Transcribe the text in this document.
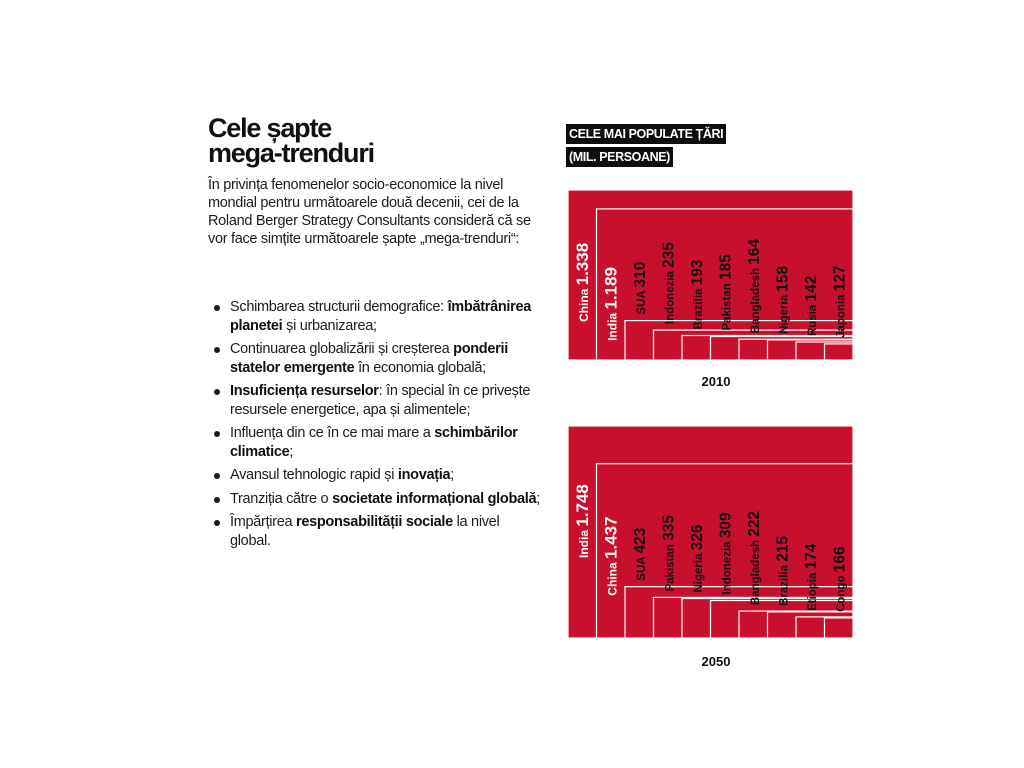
Cele șapte
mega-trenduri

În privința fenomenelor socio-economice la nivel mondial pentru următoarele două decenii, cei de la Roland Berger Strategy Consultants consideră că se vor face simțite următoarele șapte „mega-trenduri“:

Schimbarea structurii demografice: îmbătrânirea planetei și urbanizarea;
Continuarea globalizării și creșterea ponderii statelor emergente în economia globală;
Insuficiența resurselor: în special în ce privește resursele energetice, apa și alimentele;
Influența din ce în ce mai mare a schimbărilor climatice;
Avansul tehnologic rapid și inovația;
Tranziția către o societate informațional globală;
Împărțirea responsabilității sociale la nivel global.
CELE MAI POPULATE ȚĂRI
(MIL. PERSOANE)
China 1.338
India 1.189	SUA 310	Indonezia 235
Brazilia 193
Pakistan 185	Bangladesh 164
Nigeria 158
Rusia 142
Japonia 127
2010
India 1.748
China 1.437
SUA 423
Pakistan 335
Nigeria 326
Indonezia 309
Bangladesh 222
Brazilia 215
Etiopia 174
Congo 166
2050
